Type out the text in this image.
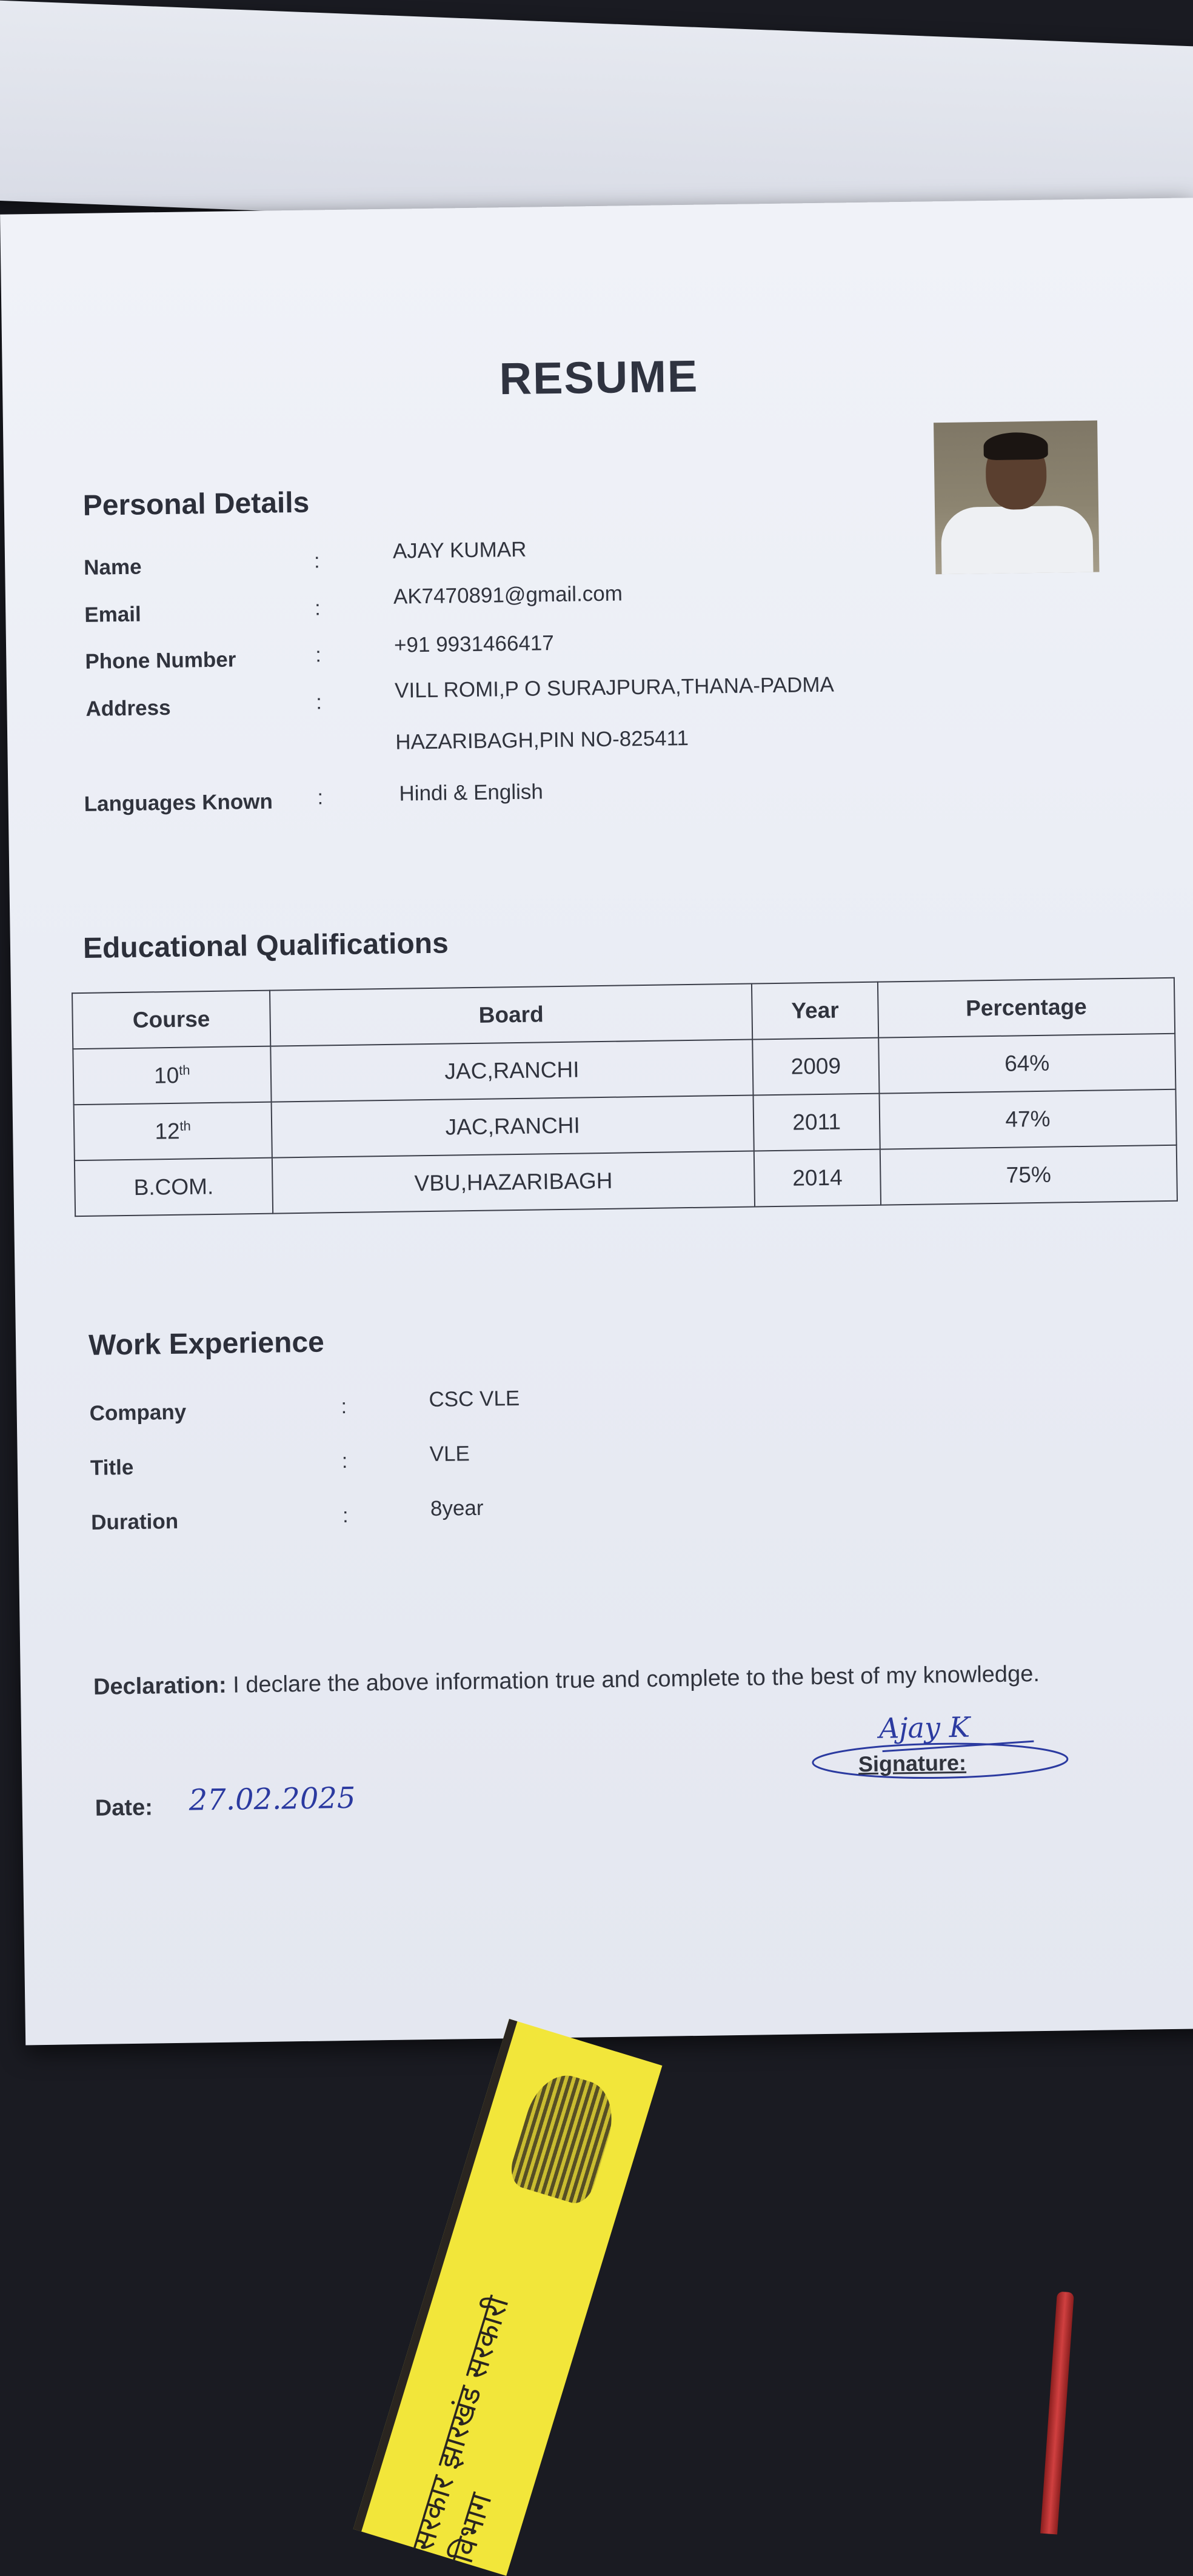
RESUME
Personal Details
Name	:	AJAY KUMAR
Email	:	AK7470891@gmail.com
Phone Number	:	+91 9931466417
Address	:	VILL ROMI,P O SURAJPURA,THANA-PADMA
HAZARIBAGH,PIN NO-825411
Languages Known :	Hindi & English
Educational Qualifications
Course	Board	Year	Percentage
10th	JAC,RANCHI	2009	64%
12th	JAC,RANCHI	2011	47%
B.COM.	VBU,HAZARIBAGH	2014	75%
Work Experience
Company	:	CSC VLE
Title	:	VLE
Duration	:	8year
Declaration: I declare the above information true and complete to the best of my knowledge.
Date: 27.02.2025
Ajay K
Signature:
सरकार झारखंड सरकारी विभाग
